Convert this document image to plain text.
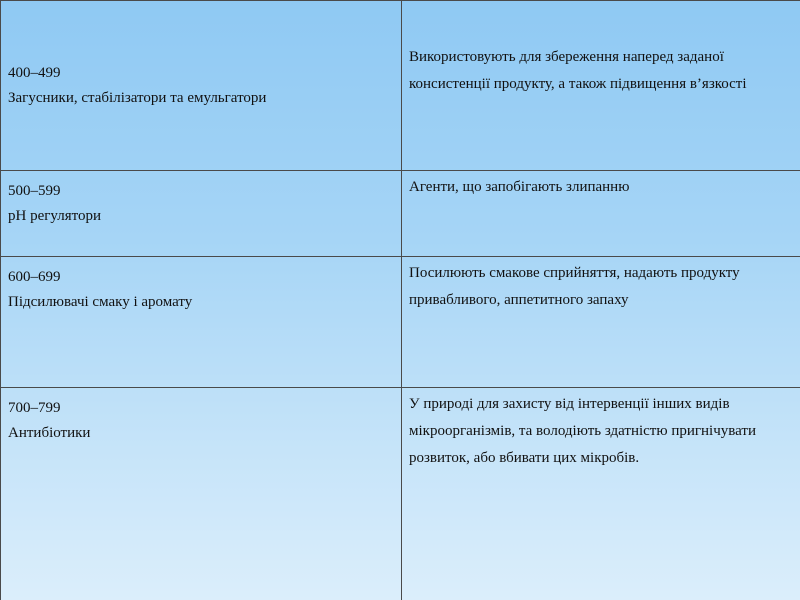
400–499
Загусники, стабілізатори та емульгатори	Використовують для збереження наперед заданої консистенції продукту, а також підвищення в’язкості

500–599
pH регулятори	Агенти, що запобігають злипанню

600–699
Підсилювачі смаку і аромату	Посилюють смакове сприйняття, надають продукту привабливого, аппетитного запаху

700–799
Антибіотики	У природі для захисту від інтервенції інших видів мікроорганізмів, та володіють здатністю пригнічувати розвиток, або вбивати цих мікробів.
